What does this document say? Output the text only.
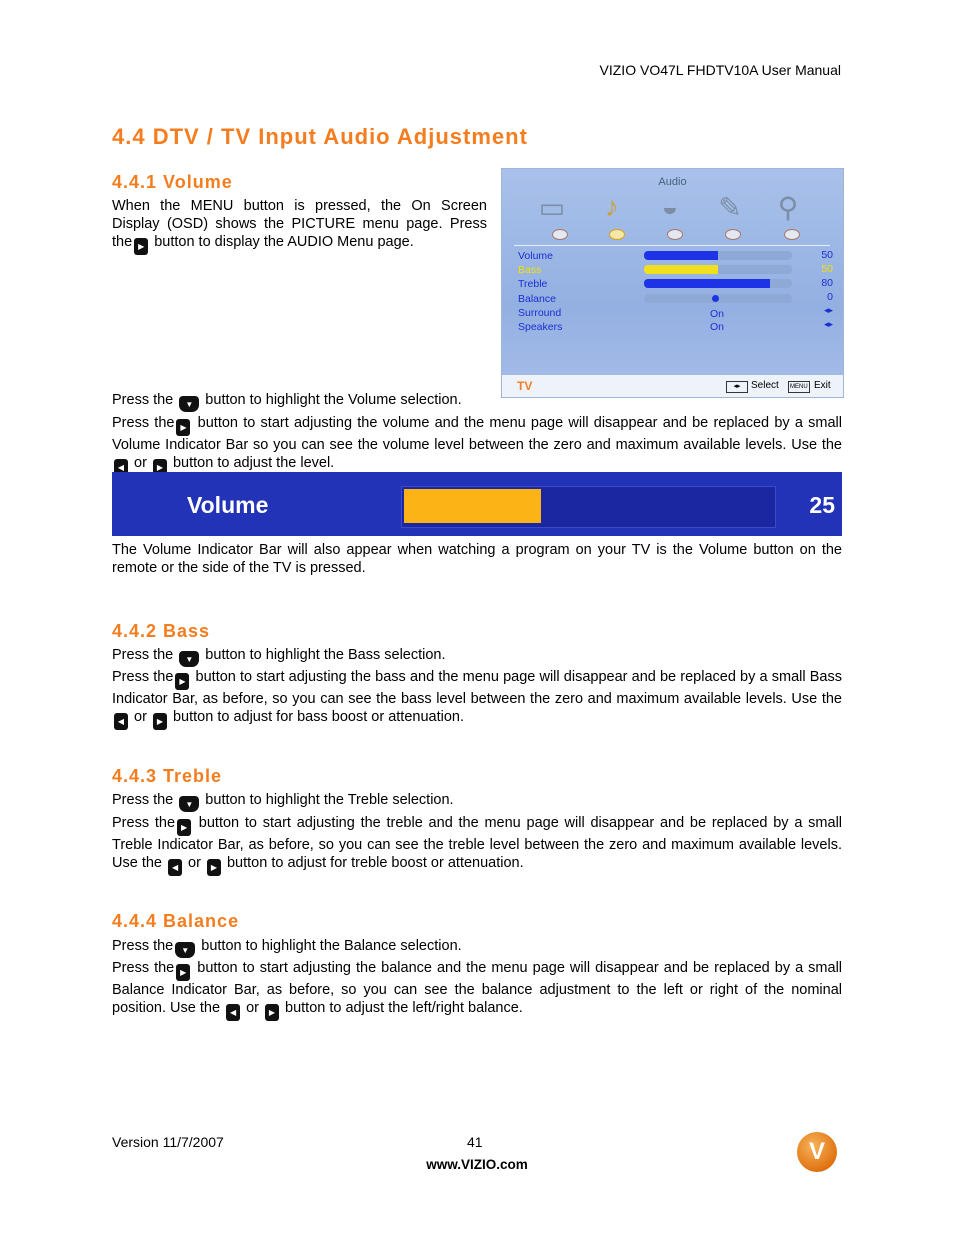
VIZIO VO47L FHDTV10A User Manual
4.4 DTV / TV Input Audio Adjustment
4.4.1 Volume
When the MENU button is pressed, the On Screen Display (OSD) shows the PICTURE menu page. Press the ▶ button to display the AUDIO Menu page.
Audio
▭	♪	◒	✎	⚲
Volume	50
Bass	50
Treble	80
Balance	0
Surround	On	◂▸
Speakers	On	◂▸
TV	◂▸	Select	MENU Exit
Press the ▼ button to highlight the Volume selection.
Press the ▶ button to start adjusting the volume and the menu page will disappear and be replaced by a small Volume Indicator Bar so you can see the volume level between the zero and maximum available levels. Use the ◀ or ▶ button to adjust the level.
Volume	25
The Volume Indicator Bar will also appear when watching a program on your TV is the Volume button on the remote or the side of the TV is pressed.
4.4.2 Bass
Press the ▼ button to highlight the Bass selection.
Press the ▶ button to start adjusting the bass and the menu page will disappear and be replaced by a small Bass Indicator Bar, as before, so you can see the bass level between the zero and maximum available levels. Use the ◀ or ▶ button to adjust for bass boost or attenuation.
4.4.3 Treble
Press the ▼ button to highlight the Treble selection.
Press the ▶ button to start adjusting the treble and the menu page will disappear and be replaced by a small Treble Indicator Bar, as before, so you can see the treble level between the zero and maximum available levels. Use the ◀ or ▶ button to adjust for treble boost or attenuation.
4.4.4 Balance
Press the ▼ button to highlight the Balance selection.
Press the ▶ button to start adjusting the balance and the menu page will disappear and be replaced by a small Balance Indicator Bar, as before, so you can see the balance adjustment to the left or right of the nominal position. Use the ◀ or ▶ button to adjust the left/right balance.
Version 11/7/2007	41
www.VIZIO.com	V
